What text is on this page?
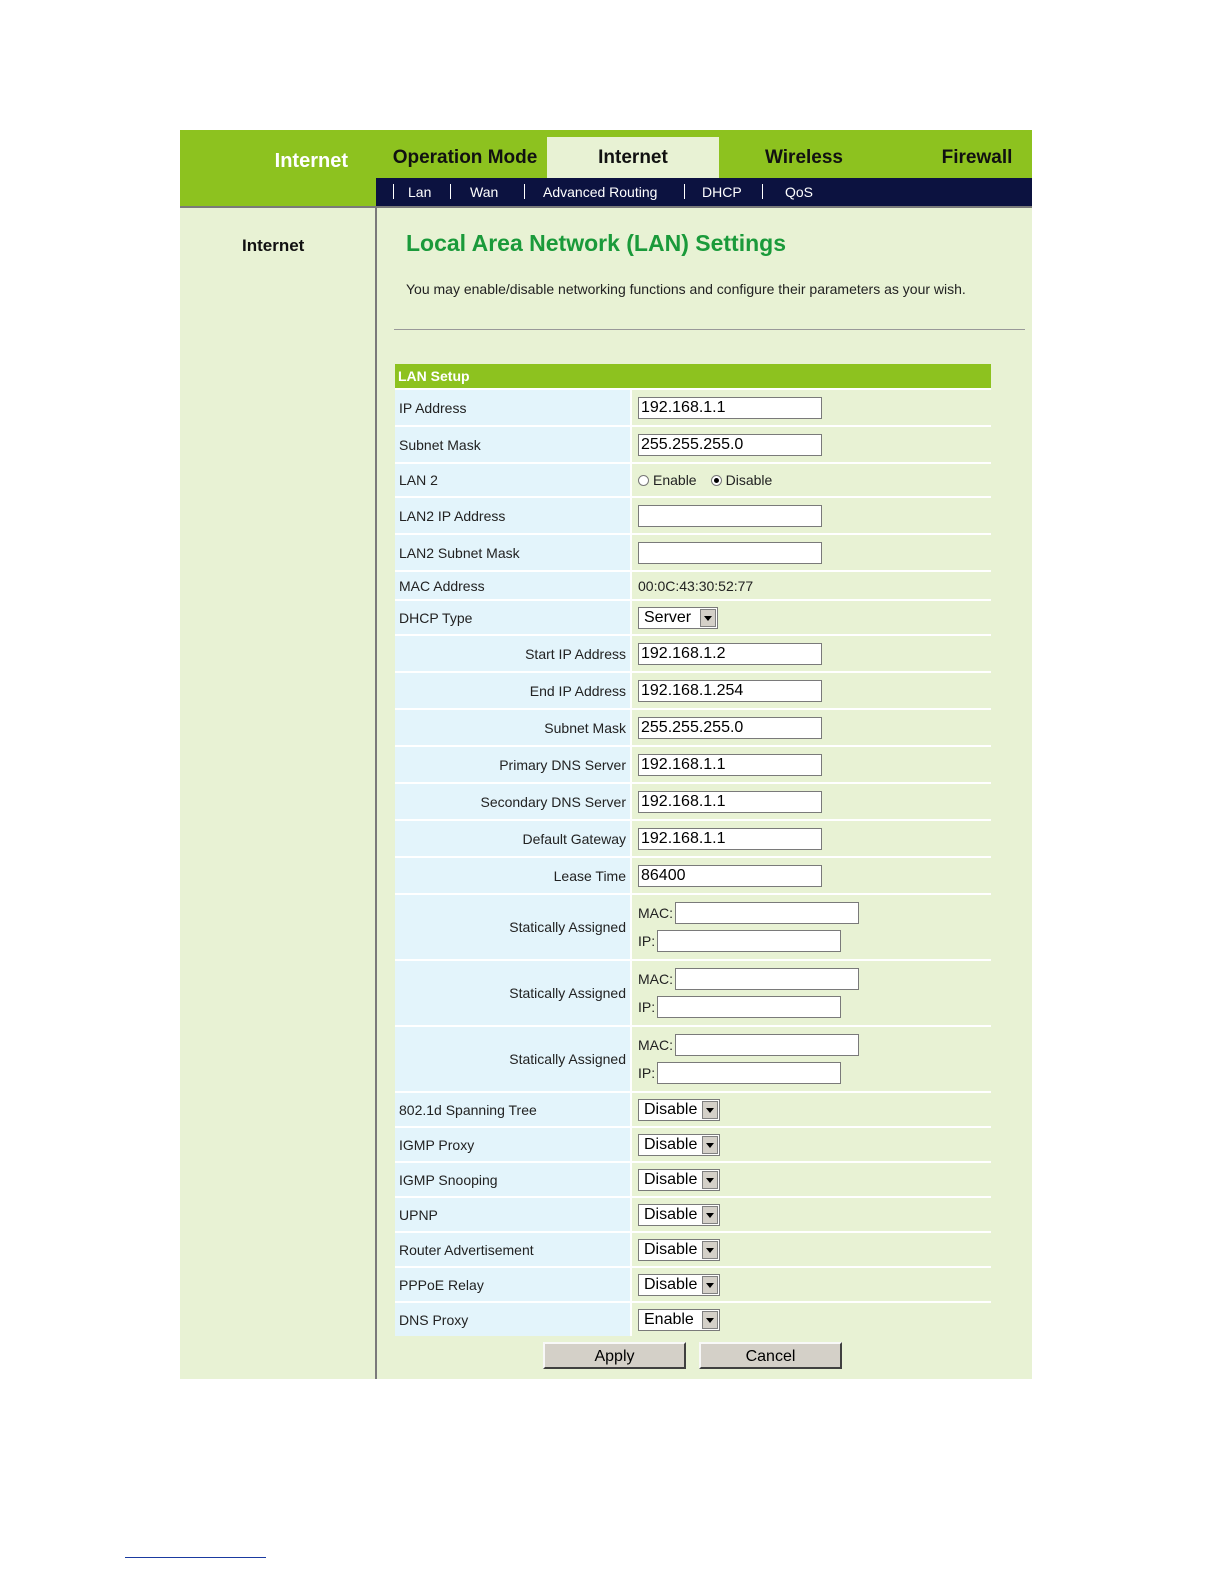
Internet	Operation Mode	Internet	Wireless	Firewall
Lan	Wan	Advanced Routing	DHCP	QoS
Internet	Local Area Network (LAN) Settings
You may enable/disable networking functions and configure their parameters as your wish.
LAN Setup
IP Address	192.168.1.1
Subnet Mask	255.255.255.0
LAN 2	Enable Disable
LAN2 IP Address
LAN2 Subnet Mask
MAC Address	00:0C:43:30:52:77
DHCP Type	Server
Start IP Address 192.168.1.2
End IP Address 192.168.1.254
Subnet Mask 255.255.255.0
Primary DNS Server 192.168.1.1
Secondary DNS Server 192.168.1.1
Default Gateway 192.168.1.1
Lease Time 86400
Statically Assigned
MAC:
IP:
Statically Assigned
MAC:
IP:
Statically Assigned
MAC:
IP:
802.1d Spanning Tree	Disable
IGMP Proxy	Disable
IGMP Snooping	Disable
UPNP	Disable
Router Advertisement	Disable
PPPoE Relay	Disable
DNS Proxy	Enable
Apply	Cancel
